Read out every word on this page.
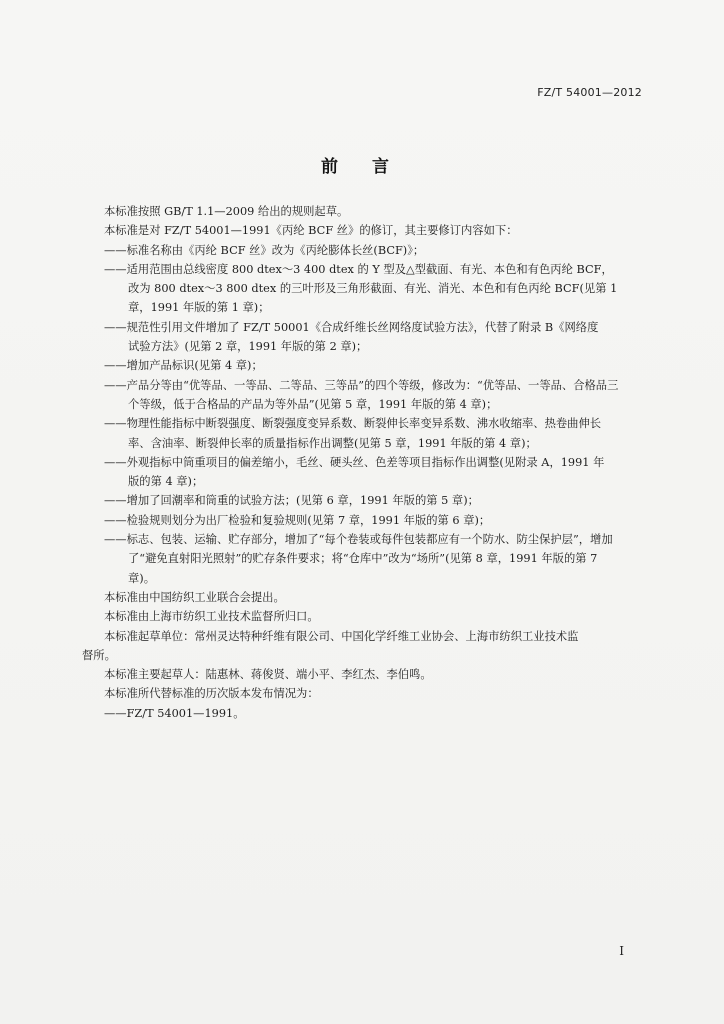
FZ/T 54001—2012
前 言

本标准按照 GB/T 1.1—2009 给出的规则起草。

本标准是对 FZ/T 54001—1991《丙纶 BCF 丝》的修订，其主要修订内容如下：

——标准名称由《丙纶 BCF 丝》改为《丙纶膨体长丝(BCF)》；

——适用范围由总线密度 800 dtex～3 400 dtex 的 Y 型及△型截面、有光、本色和有色丙纶 BCF，

改为 800 dtex～3 800 dtex 的三叶形及三角形截面、有光、消光、本色和有色丙纶 BCF(见第 1

章，1991 年版的第 1 章)；

——规范性引用文件增加了 FZ/T 50001《合成纤维长丝网络度试验方法》，代替了附录 B《网络度

试验方法》(见第 2 章，1991 年版的第 2 章)；

——增加产品标识(见第 4 章)；

——产品分等由“优等品、一等品、二等品、三等品”的四个等级，修改为：“优等品、一等品、合格品三

个等级，低于合格品的产品为等外品”(见第 5 章，1991 年版的第 4 章)；

——物理性能指标中断裂强度、断裂强度变异系数、断裂伸长率变异系数、沸水收缩率、热卷曲伸长

率、含油率、断裂伸长率的质量指标作出调整(见第 5 章，1991 年版的第 4 章)；

——外观指标中筒重项目的偏差缩小，毛丝、硬头丝、色差等项目指标作出调整(见附录 A，1991 年

版的第 4 章)；

——增加了回潮率和筒重的试验方法；(见第 6 章，1991 年版的第 5 章)；

——检验规则划分为出厂检验和复验规则(见第 7 章，1991 年版的第 6 章)；

——标志、包装、运输、贮存部分，增加了“每个卷装或每件包装都应有一个防水、防尘保护层”，增加

了“避免直射阳光照射”的贮存条件要求；将“仓库中”改为“场所”(见第 8 章，1991 年版的第 7

章)。

本标准由中国纺织工业联合会提出。

本标准由上海市纺织工业技术监督所归口。

本标准起草单位：常州灵达特种纤维有限公司、中国化学纤维工业协会、上海市纺织工业技术监

督所。

本标准主要起草人：陆惠林、蒋俊贤、端小平、李红杰、李伯鸣。

本标准所代替标准的历次版本发布情况为：

——FZ/T 54001—1991。

I
